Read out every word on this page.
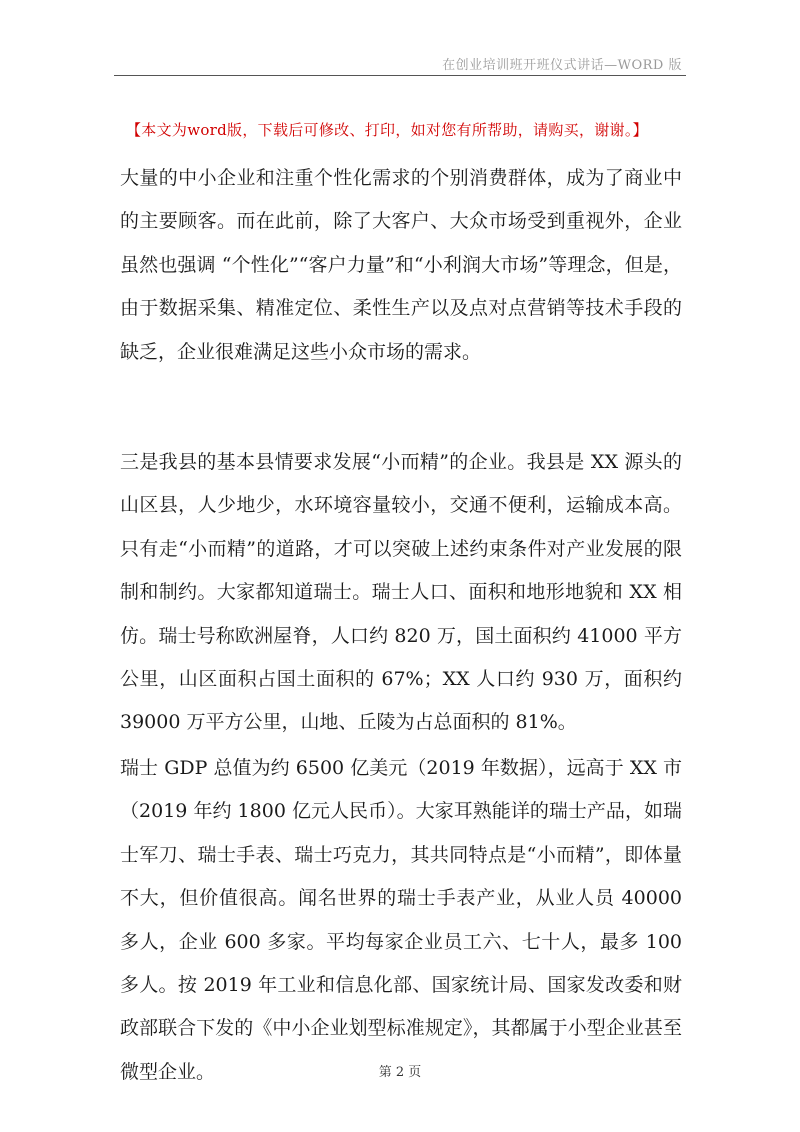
在创业培训班开班仪式讲话—WORD 版
【本文为word版，下载后可修改、打印，如对您有所帮助，请购买，谢谢。】

大量的中小企业和注重个性化需求的个别消费群体，成为了商业中的主要顾客。而在此前，除了大客户、大众市场受到重视外，企业虽然也强调 “个性化”“客户力量”和“小利润大市场”等理念，但是，由于数据采集、精准定位、柔性生产以及点对点营销等技术手段的缺乏，企业很难满足这些小众市场的需求。

三是我县的基本县情要求发展“小而精”的企业。我县是 XX 源头的山区县，人少地少，水环境容量较小，交通不便利，运输成本高。只有走“小而精”的道路，才可以突破上述约束条件对产业发展的限制和制约。大家都知道瑞士。瑞士人口、面积和地形地貌和 XX 相仿。瑞士号称欧洲屋脊，人口约 820 万，国土面积约 41000 平方公里，山区面积占国土面积的 67%；XX 人口约 930 万，面积约 39000 万平方公里，山地、丘陵为占总面积的 81%。

瑞士 GDP 总值为约 6500 亿美元（2019 年数据），远高于 XX 市（2019 年约 1800 亿元人民币）。大家耳熟能详的瑞士产品，如瑞士军刀、瑞士手表、瑞士巧克力，其共同特点是“小而精”，即体量不大，但价值很高。闻名世界的瑞士手表产业，从业人员 40000 多人，企业 600 多家。平均每家企业员工六、七十人，最多 100 多人。按 2019 年工业和信息化部、国家统计局、国家发改委和财政部联合下发的《中小企业划型标准规定》，其都属于小型企业甚至微型企业。	第 2 页
